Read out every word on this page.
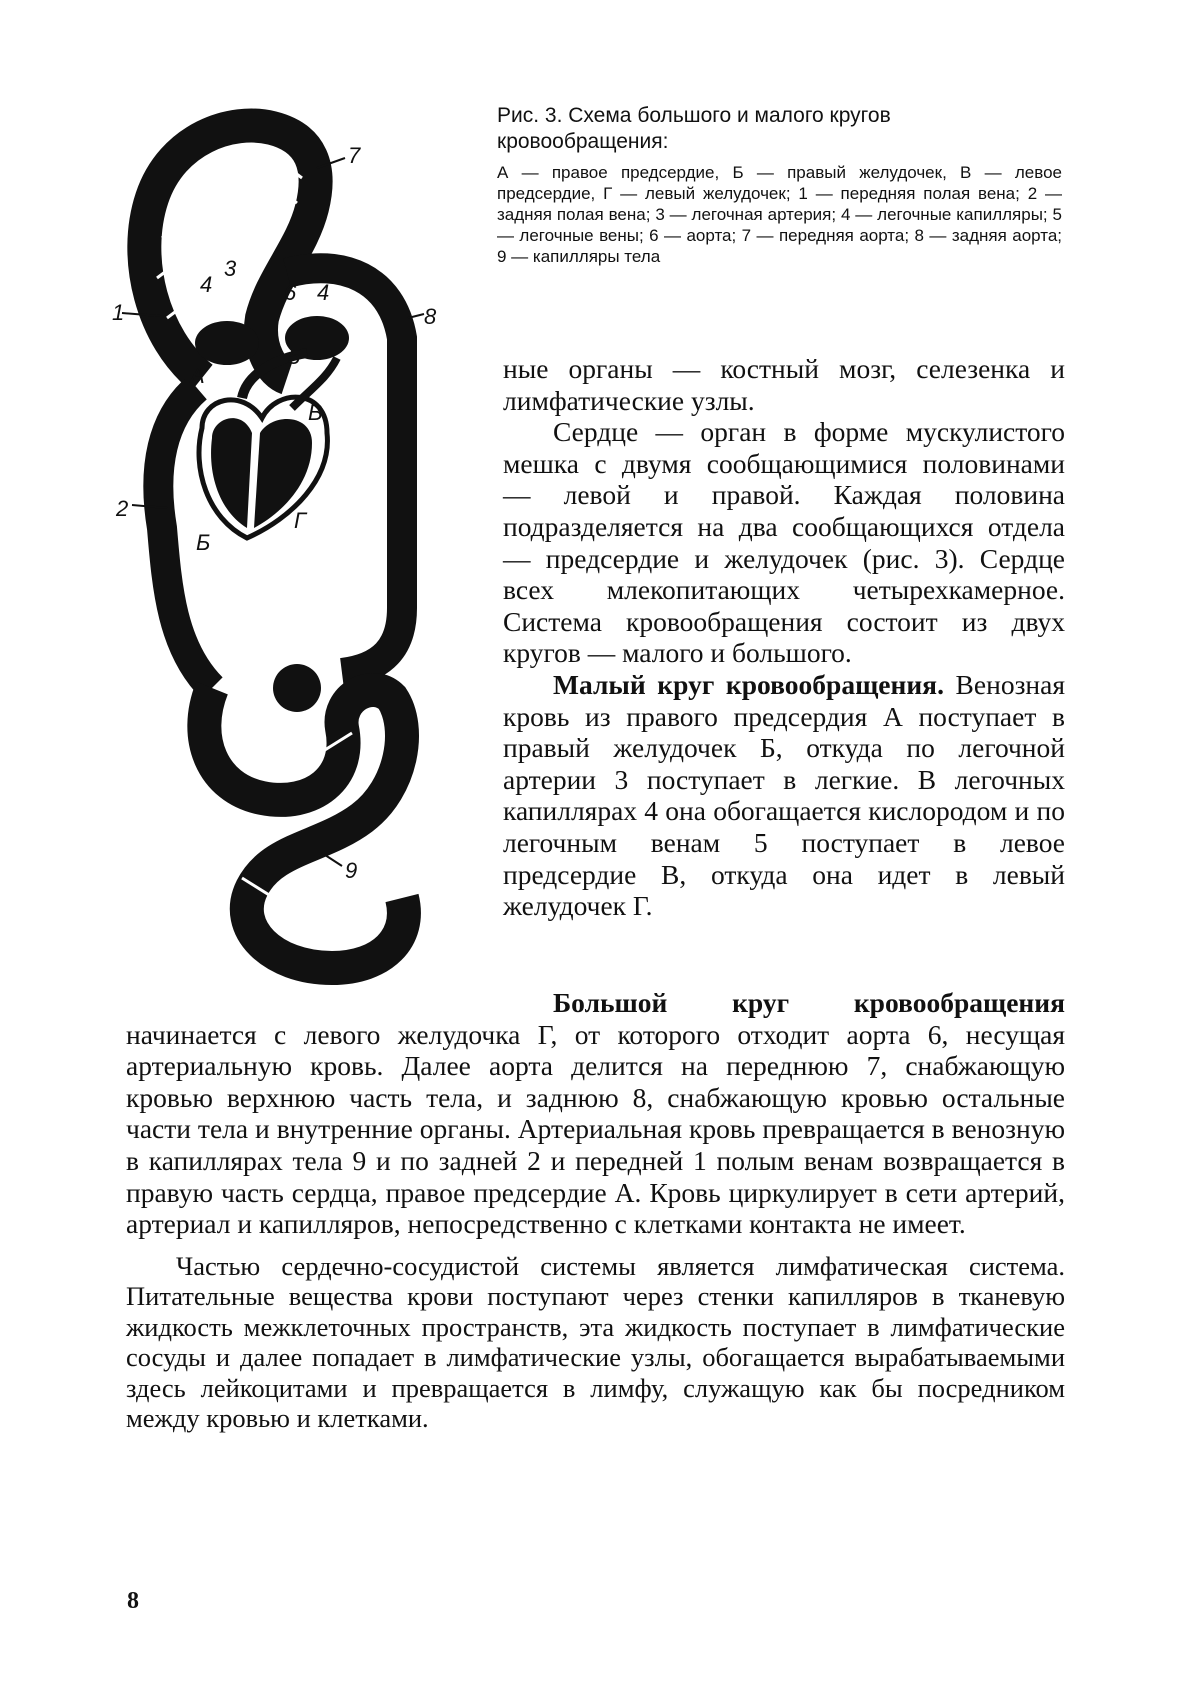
1
2
3
4	4
5
6
7
8
9
А
Б
В
Г

Рис. 3. Схема большого и малого кругов кровообращения:

А — правое предсердие, Б — правый желудочек, В — левое предсердие, Г — левый желудочек; 1 — передняя полая вена; 2 — задняя полая вена; 3 — легочная артерия; 4 — легочные капилляры; 5 — легочные вены; 6 — аорта; 7 — передняя аорта; 8 — задняя аорта; 9 — капилляры тела

ные органы — костный мозг, селезенка и лимфатические узлы.

Сердце — орган в форме мускулистого мешка с двумя сообщающимися половинами — левой и правой. Каждая половина подразделяется на два сообщающихся отдела — предсердие и желудочек (рис. 3). Сердце всех млекопитающих четырехкамерное. Система кровообращения состоит из двух кругов — малого и большого.

Малый круг кровообращения. Венозная кровь из правого предсердия А поступает в правый желудочек Б, откуда по легочной артерии 3 поступает в легкие. В легочных капиллярах 4 она обогащается кислородом и по легочным венам 5 поступает в левое предсердие В, откуда она идет в левый желудочек Г.

Большой круг кровообращения начинается с левого желудочка Г, от которого отходит аорта 6, несущая артериальную кровь. Далее аорта делится на переднюю 7, снабжающую кровью верхнюю часть тела, и заднюю 8, снабжающую кровью остальные части тела и внутренние органы. Артериальная кровь превращается в венозную в капиллярах тела 9 и по задней 2 и передней 1 полым венам возвращается в правую часть сердца, правое предсердие А. Кровь циркулирует в сети артерий, артериал и капилляров, непосредственно с клетками контакта не имеет.

Частью сердечно-сосудистой системы является лимфатическая система. Питательные вещества крови поступают через стенки капилляров в тканевую жидкость межклеточных пространств, эта жидкость поступает в лимфатические сосуды и далее попадает в лимфатические узлы, обогащается вырабатываемыми здесь лейкоцитами и превращается в лимфу, служащую как бы посредником между кровью и клетками.

8
